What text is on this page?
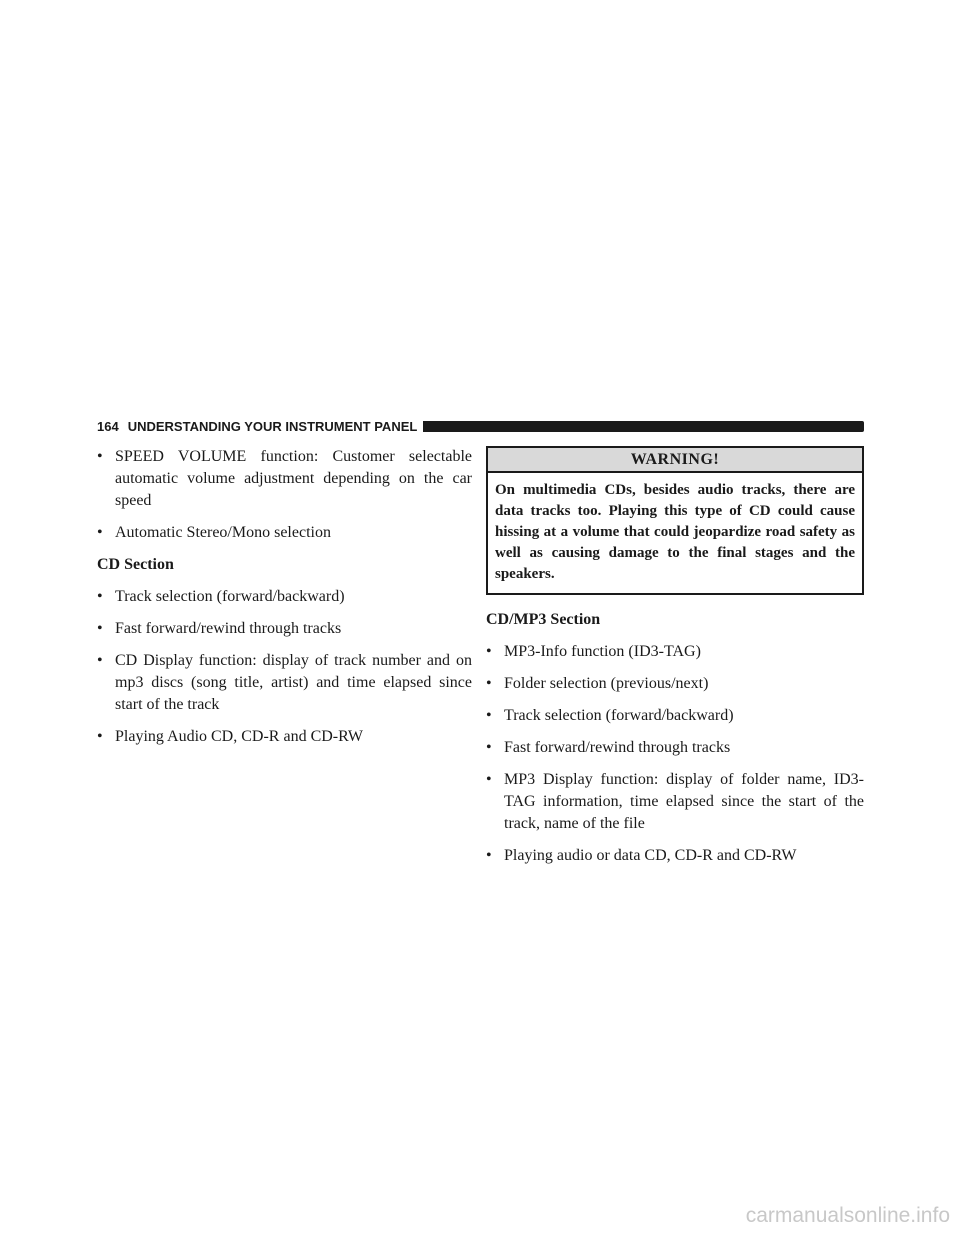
164 UNDERSTANDING YOUR INSTRUMENT PANEL
• SPEED VOLUME function: Customer selectable automatic volume adjustment depending on the car speed
• Automatic Stereo/Mono selection
CD Section
• Track selection (forward/backward)
• Fast forward/rewind through tracks
• CD Display function: display of track number and on mp3 discs (song title, artist) and time elapsed since start of the track
• Playing Audio CD, CD-R and CD-RW
WARNING!
On multimedia CDs, besides audio tracks, there are data tracks too. Playing this type of CD could cause hissing at a volume that could jeopardize road safety as well as causing damage to the final stages and the speakers.
CD/MP3 Section
• MP3-Info function (ID3-TAG)
• Folder selection (previous/next)
• Track selection (forward/backward)
• Fast forward/rewind through tracks
• MP3 Display function: display of folder name, ID3-TAG information, time elapsed since the start of the track, name of the file
• Playing audio or data CD, CD-R and CD-RW
carmanualsonline.info
